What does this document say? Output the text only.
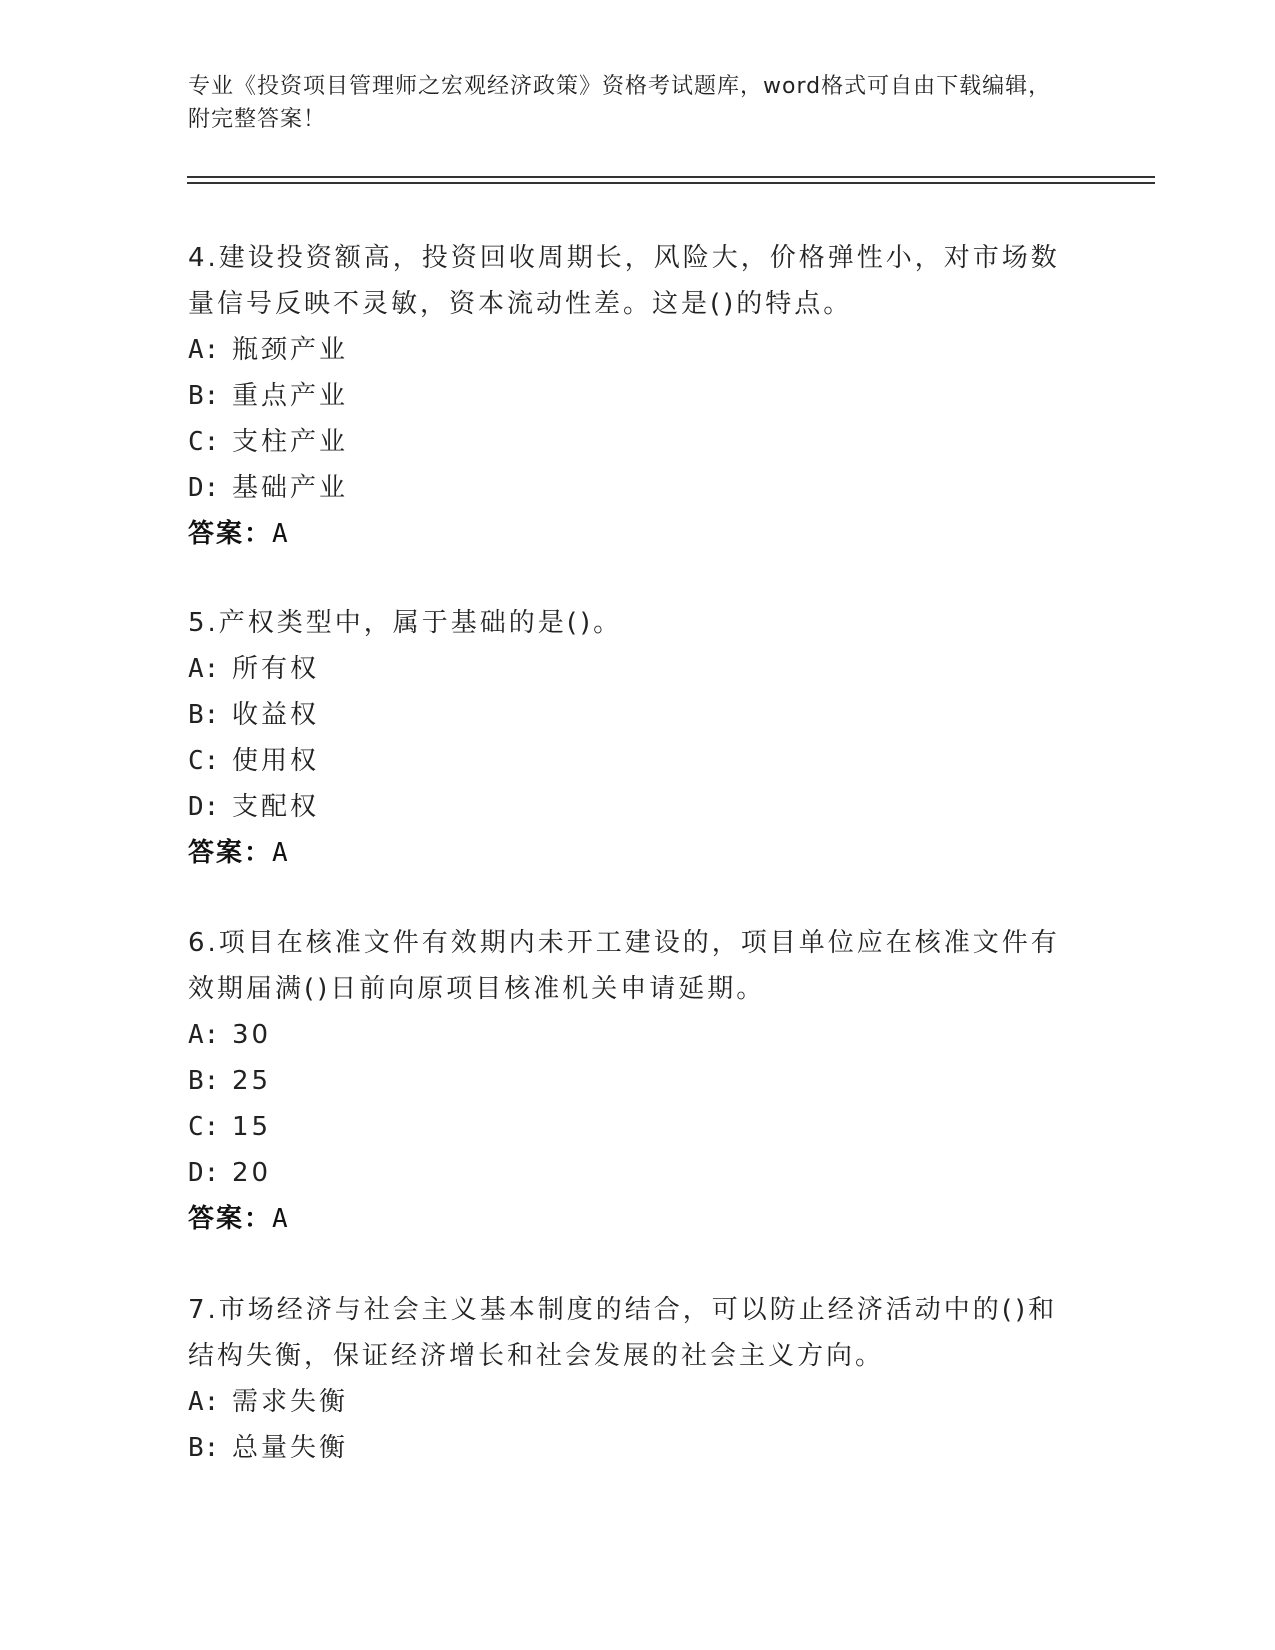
专业《投资项目管理师之宏观经济政策》资格考试题库，word格式可自由下载编辑，附完整答案！
4.建设投资额高，投资回收周期长，风险大，价格弹性小，对市场数量信号反映不灵敏，资本流动性差。这是()的特点。
A: 瓶颈产业
B: 重点产业
C: 支柱产业
D: 基础产业
答案：A
5.产权类型中，属于基础的是()。
A: 所有权
B: 收益权
C: 使用权
D: 支配权
答案：A
6.项目在核准文件有效期内未开工建设的，项目单位应在核准文件有效期届满()日前向原项目核准机关申请延期。
A: 30
B: 25
C: 15
D: 20
答案：A
7.市场经济与社会主义基本制度的结合，可以防止经济活动中的()和结构失衡，保证经济增长和社会发展的社会主义方向。
A: 需求失衡
B: 总量失衡
